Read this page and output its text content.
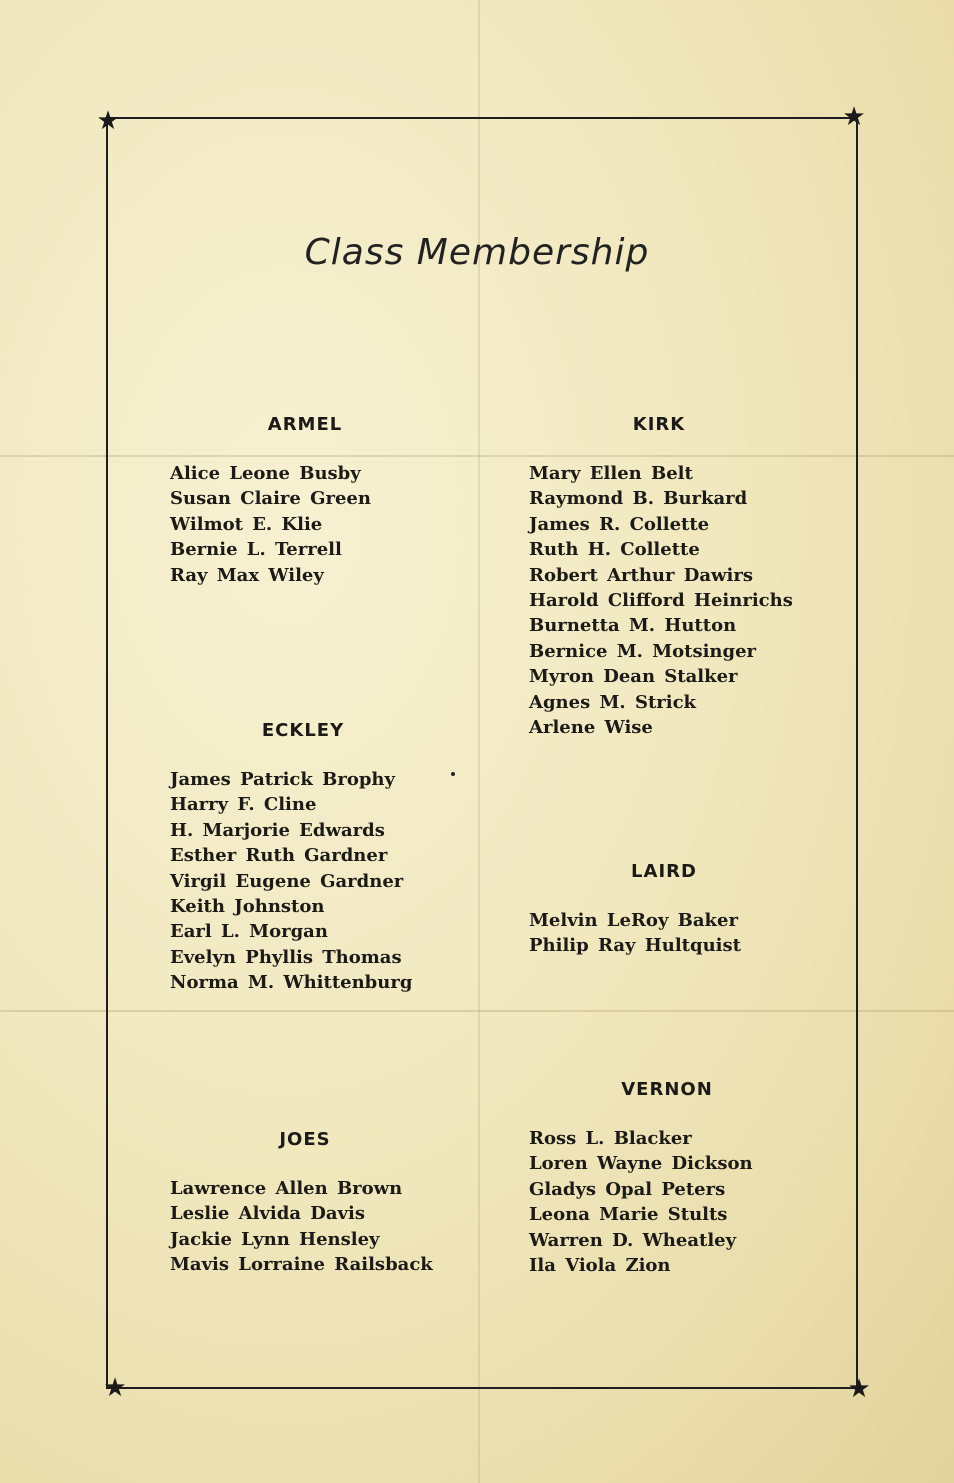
★	★
★	★
Class Membership
ARMEL
Alice Leone Busby
Susan Claire Green
Wilmot E. Klie
Bernie L. Terrell
Ray Max Wiley
ECKLEY
James Patrick Brophy
Harry F. Cline
H. Marjorie Edwards
Esther Ruth Gardner
Virgil Eugene Gardner
Keith Johnston
Earl L. Morgan
Evelyn Phyllis Thomas
Norma M. Whittenburg
JOES
Lawrence Allen Brown
Leslie Alvida Davis
Jackie Lynn Hensley
Mavis Lorraine Railsback
KIRK
Mary Ellen Belt
Raymond B. Burkard
James R. Collette
Ruth H. Collette
Robert Arthur Dawirs
Harold Clifford Heinrichs
Burnetta M. Hutton
Bernice M. Motsinger
Myron Dean Stalker
Agnes M. Strick
Arlene Wise
LAIRD
Melvin LeRoy Baker
Philip Ray Hultquist
VERNON
Ross L. Blacker
Loren Wayne Dickson
Gladys Opal Peters
Leona Marie Stults
Warren D. Wheatley
Ila Viola Zion
